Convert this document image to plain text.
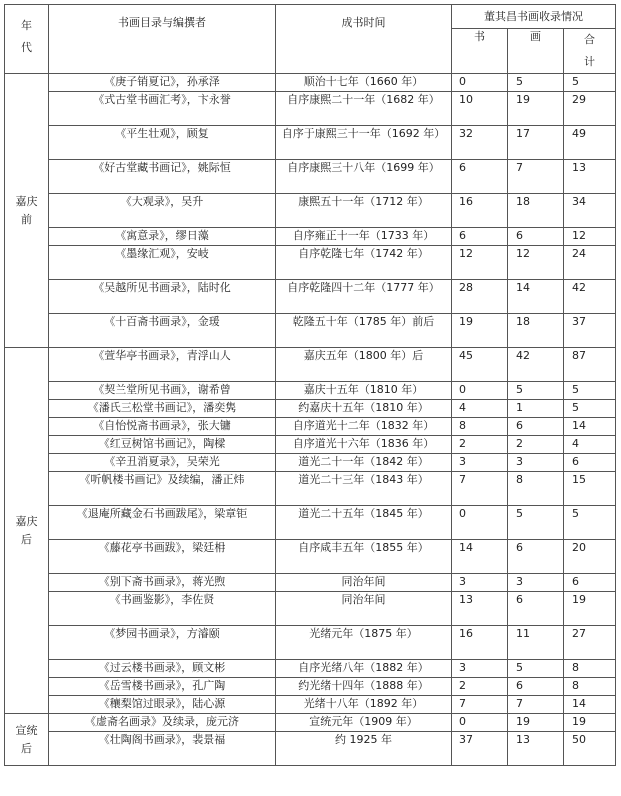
年代	书画目录与编撰者	成书时间	董其昌书画收录情况		
			书	画	合计

嘉庆前	《庚子销夏记》，孙承泽	顺治十七年（1660 年）	0	5	5
	《式古堂书画汇考》，卞永誉	自序康熙二十一年（1682 年）	10	19	29
	《平生壮观》，顾复	自序于康熙三十一年（1692 年）	32	17	49
	《好古堂藏书画记》，姚际恒	自序康熙三十八年（1699 年）	6	7	13
	《大观录》，吴升	康熙五十一年（1712 年）	16	18	34
	《寓意录》，缪日藻	自序雍正十一年（1733 年）	6	6	12
	《墨缘汇观》，安岐	自序乾隆七年（1742 年）	12	12	24
	《吴越所见书画录》，陆时化	自序乾隆四十二年（1777 年）	28	14	42
	《十百斋书画录》，金瑗	乾隆五十年（1785 年）前后	19	18	37

嘉庆后	《萱华亭书画录》，青浮山人	嘉庆五年（1800 年）后	45	42	87
	《契兰堂所见书画》，谢希曾	嘉庆十五年（1810 年）	0	5	5
	《潘氏三松堂书画记》，潘奕隽	约嘉庆十五年（1810 年）	4	1	5
	《自怡悦斋书画录》，张大镛	自序道光十二年（1832 年）	8	6	14
	《红豆树馆书画记》，陶樑	自序道光十六年（1836 年）	2	2	4
	《辛丑消夏录》，吴荣光	道光二十一年（1842 年）	3	3	6
	《听帆楼书画记》及续编，潘正炜	道光二十三年（1843 年）	7	8	15
	《退庵所藏金石书画跋尾》，梁章钜	道光二十五年（1845 年）	0	5	5
	《藤花亭书画跋》，梁廷枏	自序咸丰五年（1855 年）	14	6	20
	《别下斋书画录》，蒋光煦	同治年间	3	3	6
	《书画鉴影》，李佐贤	同治年间	13	6	19
	《梦园书画录》，方濬颐	光绪元年（1875 年）	16	11	27
	《过云楼书画录》，顾文彬	自序光绪八年（1882 年）	3	5	8
	《岳雪楼书画录》，孔广陶	约光绪十四年（1888 年）	2	6	8
	《穰梨馆过眼录》，陆心源	光绪十八年（1892 年）	7	7	14

宣统后	《虚斋名画录》及续录，庞元济	宣统元年（1909 年）	0	19	19
	《壮陶阁书画录》，裴景福	约 1925 年	37	13	50
